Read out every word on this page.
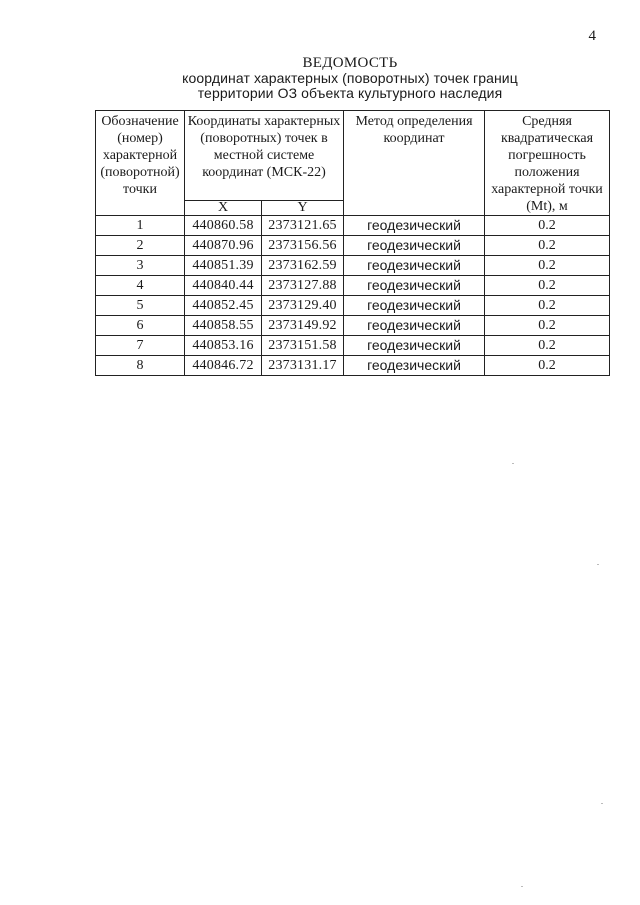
4
ВЕДОМОСТЬ
координат характерных (поворотных) точек границ
территории ОЗ объекта культурного наследия
Обозначение (номер) характерной (поворотной) точки	Координаты характерных (поворотных) точек в местной системе координат (МСК-22)		Метод определения координат	Средняя квадратическая погрешность положения характерной точки (Mt), м
	X	Y		
1	440860.58	2373121.65	геодезический	0.2
2	440870.96	2373156.56	геодезический	0.2
3	440851.39	2373162.59	геодезический	0.2
4	440840.44	2373127.88	геодезический	0.2
5	440852.45	2373129.40	геодезический	0.2
6	440858.55	2373149.92	геодезический	0.2
7	440853.16	2373151.58	геодезический	0.2
8	440846.72	2373131.17	геодезический	0.2
